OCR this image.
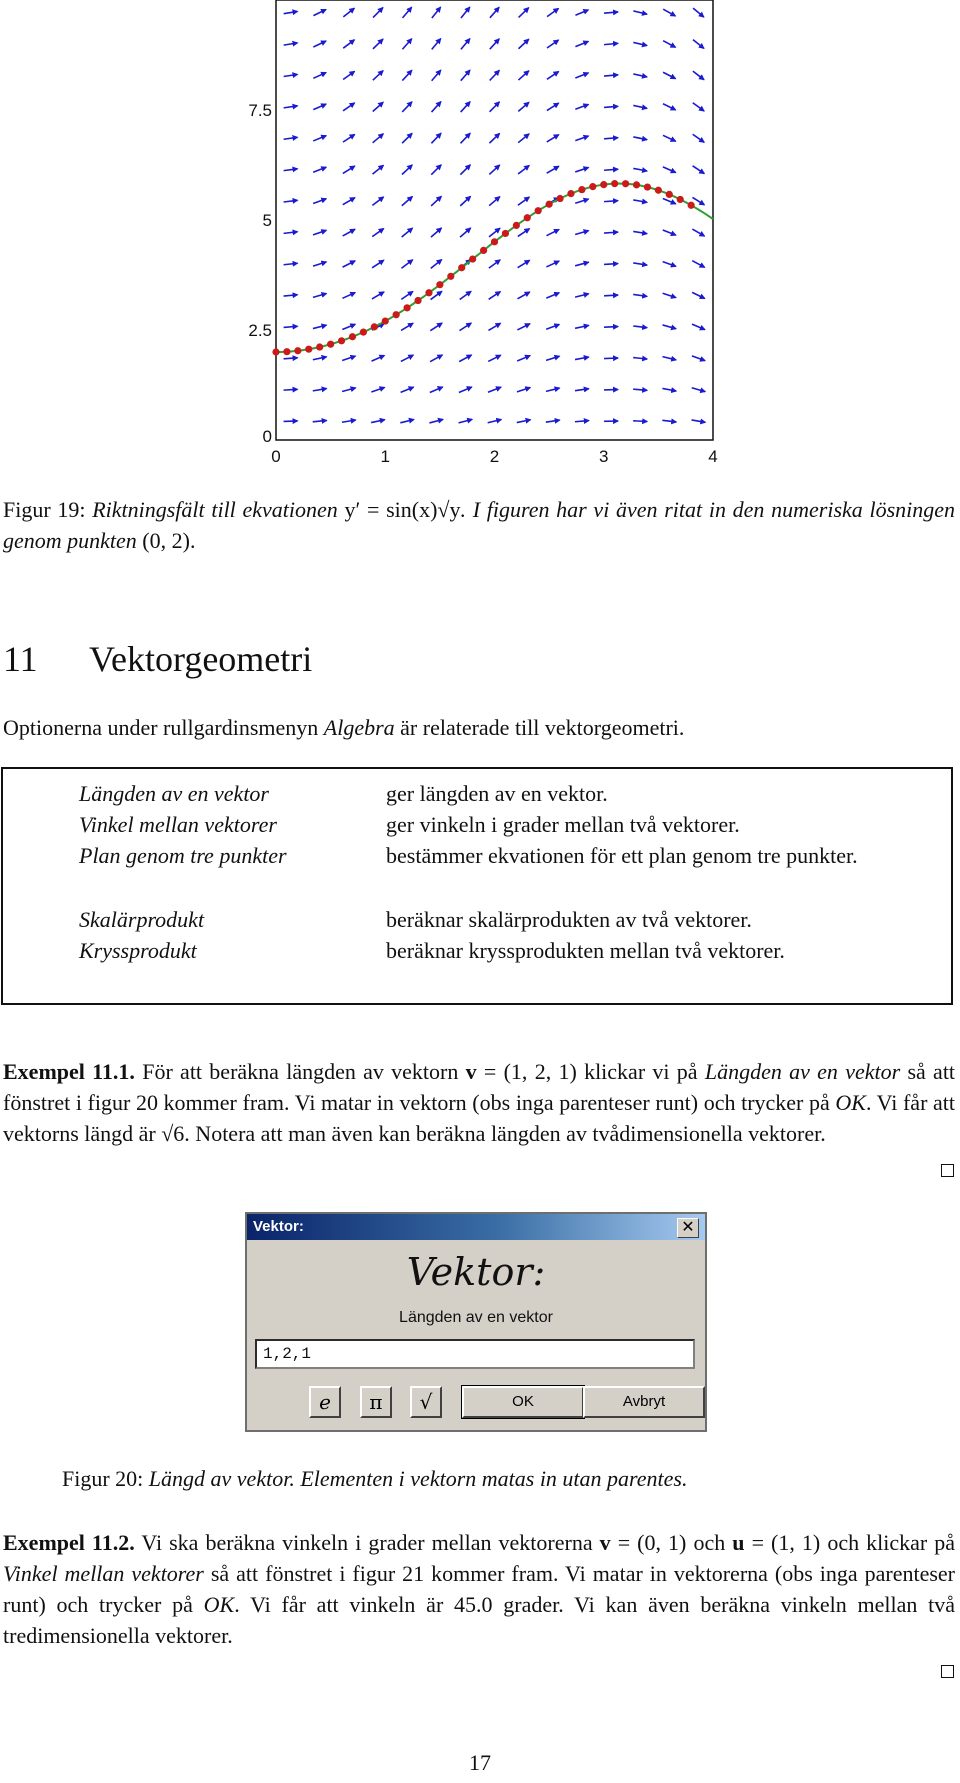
0	1	2	3	4
0
2.5
5
7.5
Figur 19: Riktningsfält till ekvationen y′ = sin(x)√y. I figuren har vi även ritat in den numeriska lösningen genom punkten (0, 2).
11 Vektorgeometri
Optionerna under rullgardinsmenyn Algebra är relaterade till vektorgeometri.
Längden av en vektor	ger längden av en vektor.
Vinkel mellan vektorer	ger vinkeln i grader mellan två vektorer.
Plan genom tre punkter	bestämmer ekvationen för ett plan genom tre punkter.
Skalärprodukt	beräknar skalärprodukten av två vektorer.
Kryssprodukt	beräknar kryssprodukten mellan två vektorer.
Exempel 11.1. För att beräkna längden av vektorn v = (1, 2, 1) klickar vi på Längden av en vektor så att fönstret i figur 20 kommer fram. Vi matar in vektorn (obs inga parenteser runt) och trycker på OK. Vi får att vektorns längd är √6. Notera att man även kan beräkna längden av tvådimensionella vektorer.
Vektor:	✕
Vektor:
Längden av en vektor
1,2,1
e	π	√	OK	Avbryt
Figur 20: Längd av vektor. Elementen i vektorn matas in utan parentes.
Exempel 11.2. Vi ska beräkna vinkeln i grader mellan vektorerna v = (0, 1) och u = (1, 1) och klickar på Vinkel mellan vektorer så att fönstret i figur 21 kommer fram. Vi matar in vektorerna (obs inga parenteser runt) och trycker på OK. Vi får att vinkeln är 45.0 grader. Vi kan även beräkna vinkeln mellan två tredimensionella vektorer.
17
